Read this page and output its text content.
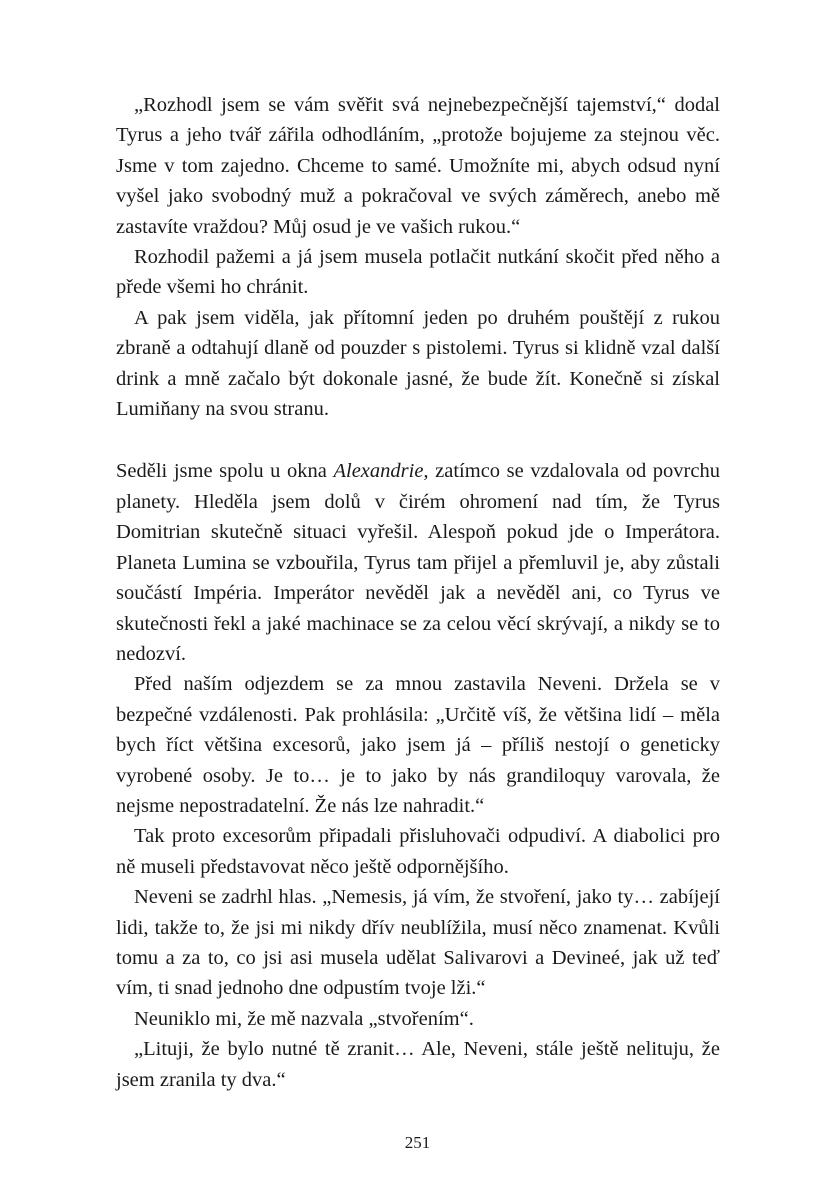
„Rozhodl jsem se vám svěřit svá nejnebezpečnější tajemství,“ dodal Tyrus a jeho tvář zářila odhodláním, „protože bojujeme za stejnou věc. Jsme v tom zajedno. Chceme to samé. Umožníte mi, abych odsud nyní vyšel jako svobodný muž a pokračoval ve svých záměrech, anebo mě zastavíte vraždou? Můj osud je ve vašich rukou.“

Rozhodil pažemi a já jsem musela potlačit nutkání skočit před něho a přede všemi ho chránit.

A pak jsem viděla, jak přítomní jeden po druhém pouštějí z rukou zbraně a odtahují dlaně od pouzder s pistolemi. Tyrus si klidně vzal další drink a mně začalo být dokonale jasné, že bude žít. Konečně si získal Lumiňany na svou stranu.

Seděli jsme spolu u okna Alexandrie, zatímco se vzdalovala od povrchu planety. Hleděla jsem dolů v čirém ohromení nad tím, že Tyrus Domitrian skutečně situaci vyřešil. Alespoň pokud jde o Imperátora. Planeta Lumina se vzbouřila, Tyrus tam přijel a přemluvil je, aby zůstali součástí Impéria. Imperátor nevěděl jak a nevěděl ani, co Tyrus ve skutečnosti řekl a jaké machinace se za celou věcí skrývají, a nikdy se to nedozví.

Před naším odjezdem se za mnou zastavila Neveni. Držela se v bezpečné vzdálenosti. Pak prohlásila: „Určitě víš, že většina lidí – měla bych říct většina excesorů, jako jsem já – příliš nestojí o geneticky vyrobené osoby. Je to… je to jako by nás grandiloquy varovala, že nejsme nepostradatelní. Že nás lze nahradit.“

Tak proto excesorům připadali přisluhovači odpudiví. A diabolici pro ně museli představovat něco ještě odpornějšího.

Neveni se zadrhl hlas. „Nemesis, já vím, že stvoření, jako ty… zabíjejí lidi, takže to, že jsi mi nikdy dřív neublížila, musí něco znamenat. Kvůli tomu a za to, co jsi asi musela udělat Salivarovi a Devineé, jak už teď vím, ti snad jednoho dne odpustím tvoje lži.“

Neuniklo mi, že mě nazvala „stvořením“.

„Lituji, že bylo nutné tě zranit… Ale, Neveni, stále ještě nelituju, že jsem zranila ty dva.“

251
